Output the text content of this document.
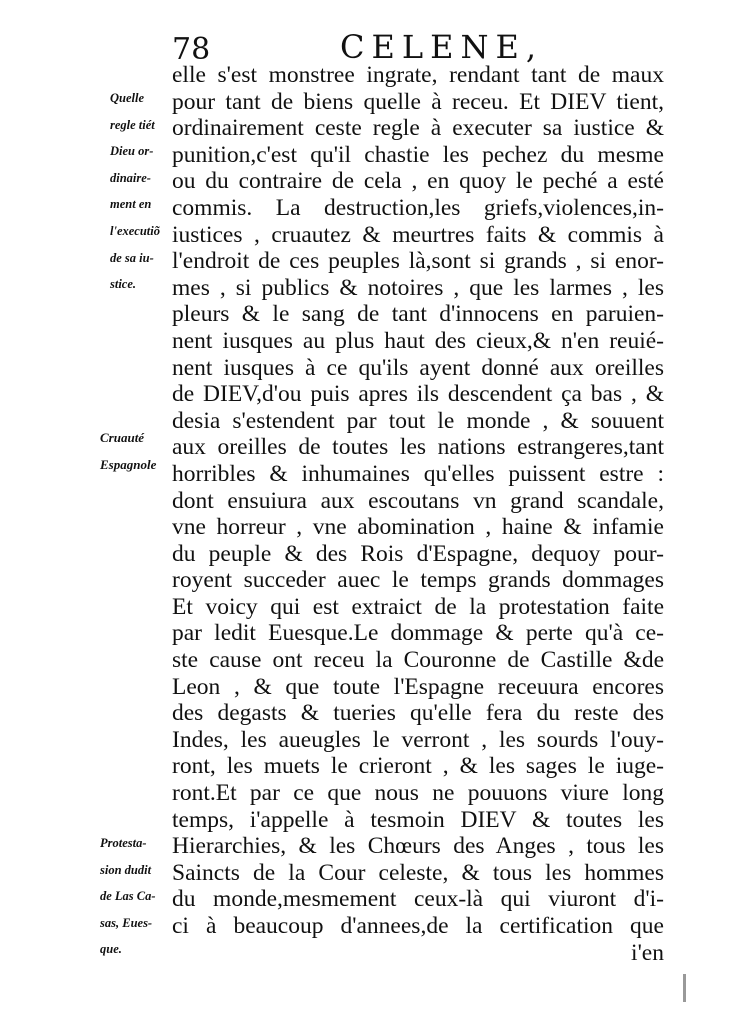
78	CELENE,
elle s'est monstree ingrate, rendant tant de maux
pour tant de biens quelle à receu. Et DIEV tient,
ordinairement ceste regle à executer sa iustice &
punition,c'est qu'il chastie les pechez du mesme
ou du contraire de cela , en quoy le peché a esté
commis. La destruction,les griefs,violences,in-
iustices , cruautez & meurtres faits & commis à
l'endroit de ces peuples là,sont si grands , si enor-
mes , si publics & notoires , que les larmes , les
pleurs & le sang de tant d'innocens en paruien-
nent iusques au plus haut des cieux,& n'en reuié-
nent iusques à ce qu'ils ayent donné aux oreilles
de DIEV,d'ou puis apres ils descendent ça bas , &
desia s'estendent par tout le monde , & souuent
aux oreilles de toutes les nations estrangeres,tant
horribles & inhumaines qu'elles puissent estre :
dont ensuiura aux escoutans vn grand scandale,
vne horreur , vne abomination , haine & infamie
du peuple & des Rois d'Espagne, dequoy pour-
royent succeder auec le temps grands dommages
Et voicy qui est extraict de la protestation faite
par ledit Euesque.Le dommage & perte qu'à ce-
ste cause ont receu la Couronne de Castille &de
Leon , & que toute l'Espagne receuura encores
des degasts & tueries qu'elle fera du reste des
Indes, les aueugles le verront , les sourds l'ouy-
ront, les muets le crieront , & les sages le iuge-
ront.Et par ce que nous ne pouuons viure long
temps, i'appelle à tesmoin DIEV & toutes les
Hierarchies, & les Chœurs des Anges , tous les
Saincts de la Cour celeste, & tous les hommes
du monde,mesmement ceux-là qui viuront d'i-
ci à beaucoup d'annees,de la certification que
i'en
Quelle
regle tiét
Dieu or-
dinaire-
ment en
l'executiõ
de sa iu-
stice.
Cruauté
Espagnole
Protesta-
sion dudit
de Las Ca-
sas, Eues-
que.
